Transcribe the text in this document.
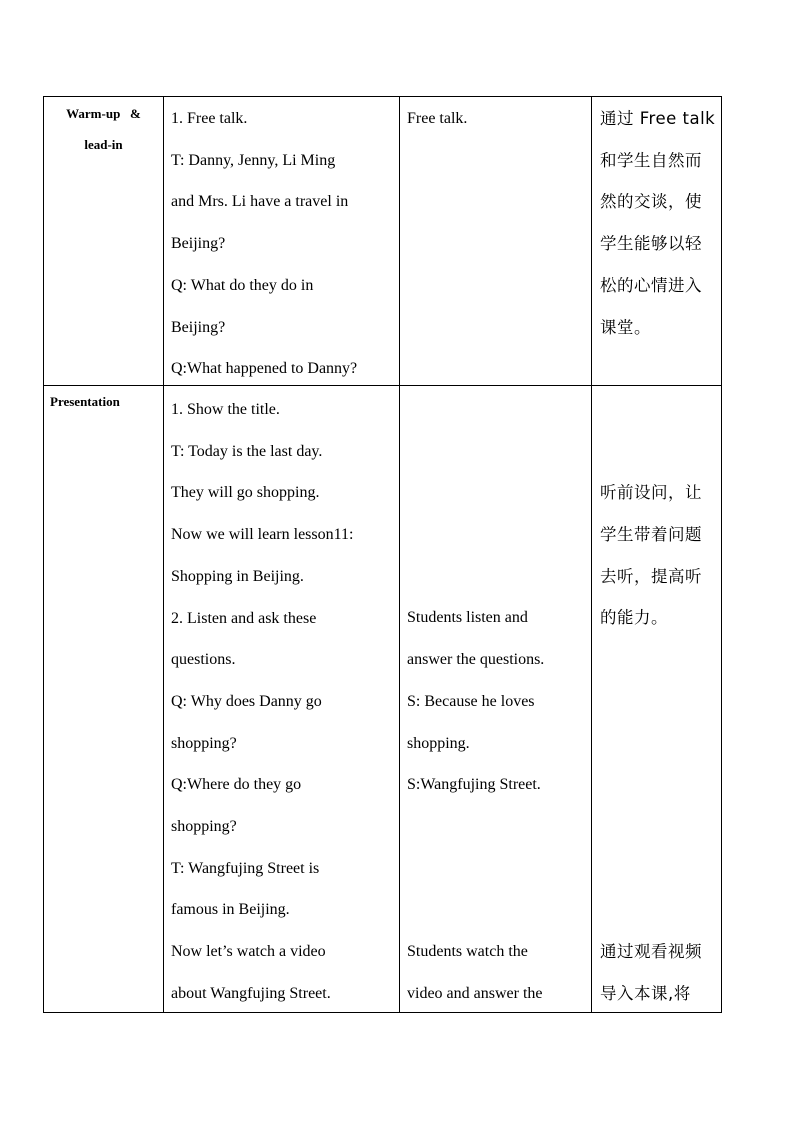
Warm-up   &
lead-in
1. Free talk.
T: Danny, Jenny, Li Ming
and Mrs. Li have a travel in
Beijing?
Q: What do they do in
Beijing?
Q:What happened to Danny?
Free talk.	通过 Free talk
和学生自然而
然的交谈，使
学生能够以轻
松的心情进入
课堂。
Presentation	1. Show the title.
T: Today is the last day.
They will go shopping.
Now we will learn lesson11:
Shopping in Beijing.
2. Listen and ask these
questions.
Q: Why does Danny go
shopping?
Q:Where do they go
shopping?
T: Wangfujing Street is
famous in Beijing.
Now let’s watch a video
about Wangfujing Street.
Students listen and
answer the questions.
S: Because he loves
shopping.
S:Wangfujing Street.
Students watch the
video and answer the
听前设问，让
学生带着问题
去听，提高听
的能力。
通过观看视频
导入本课,将
